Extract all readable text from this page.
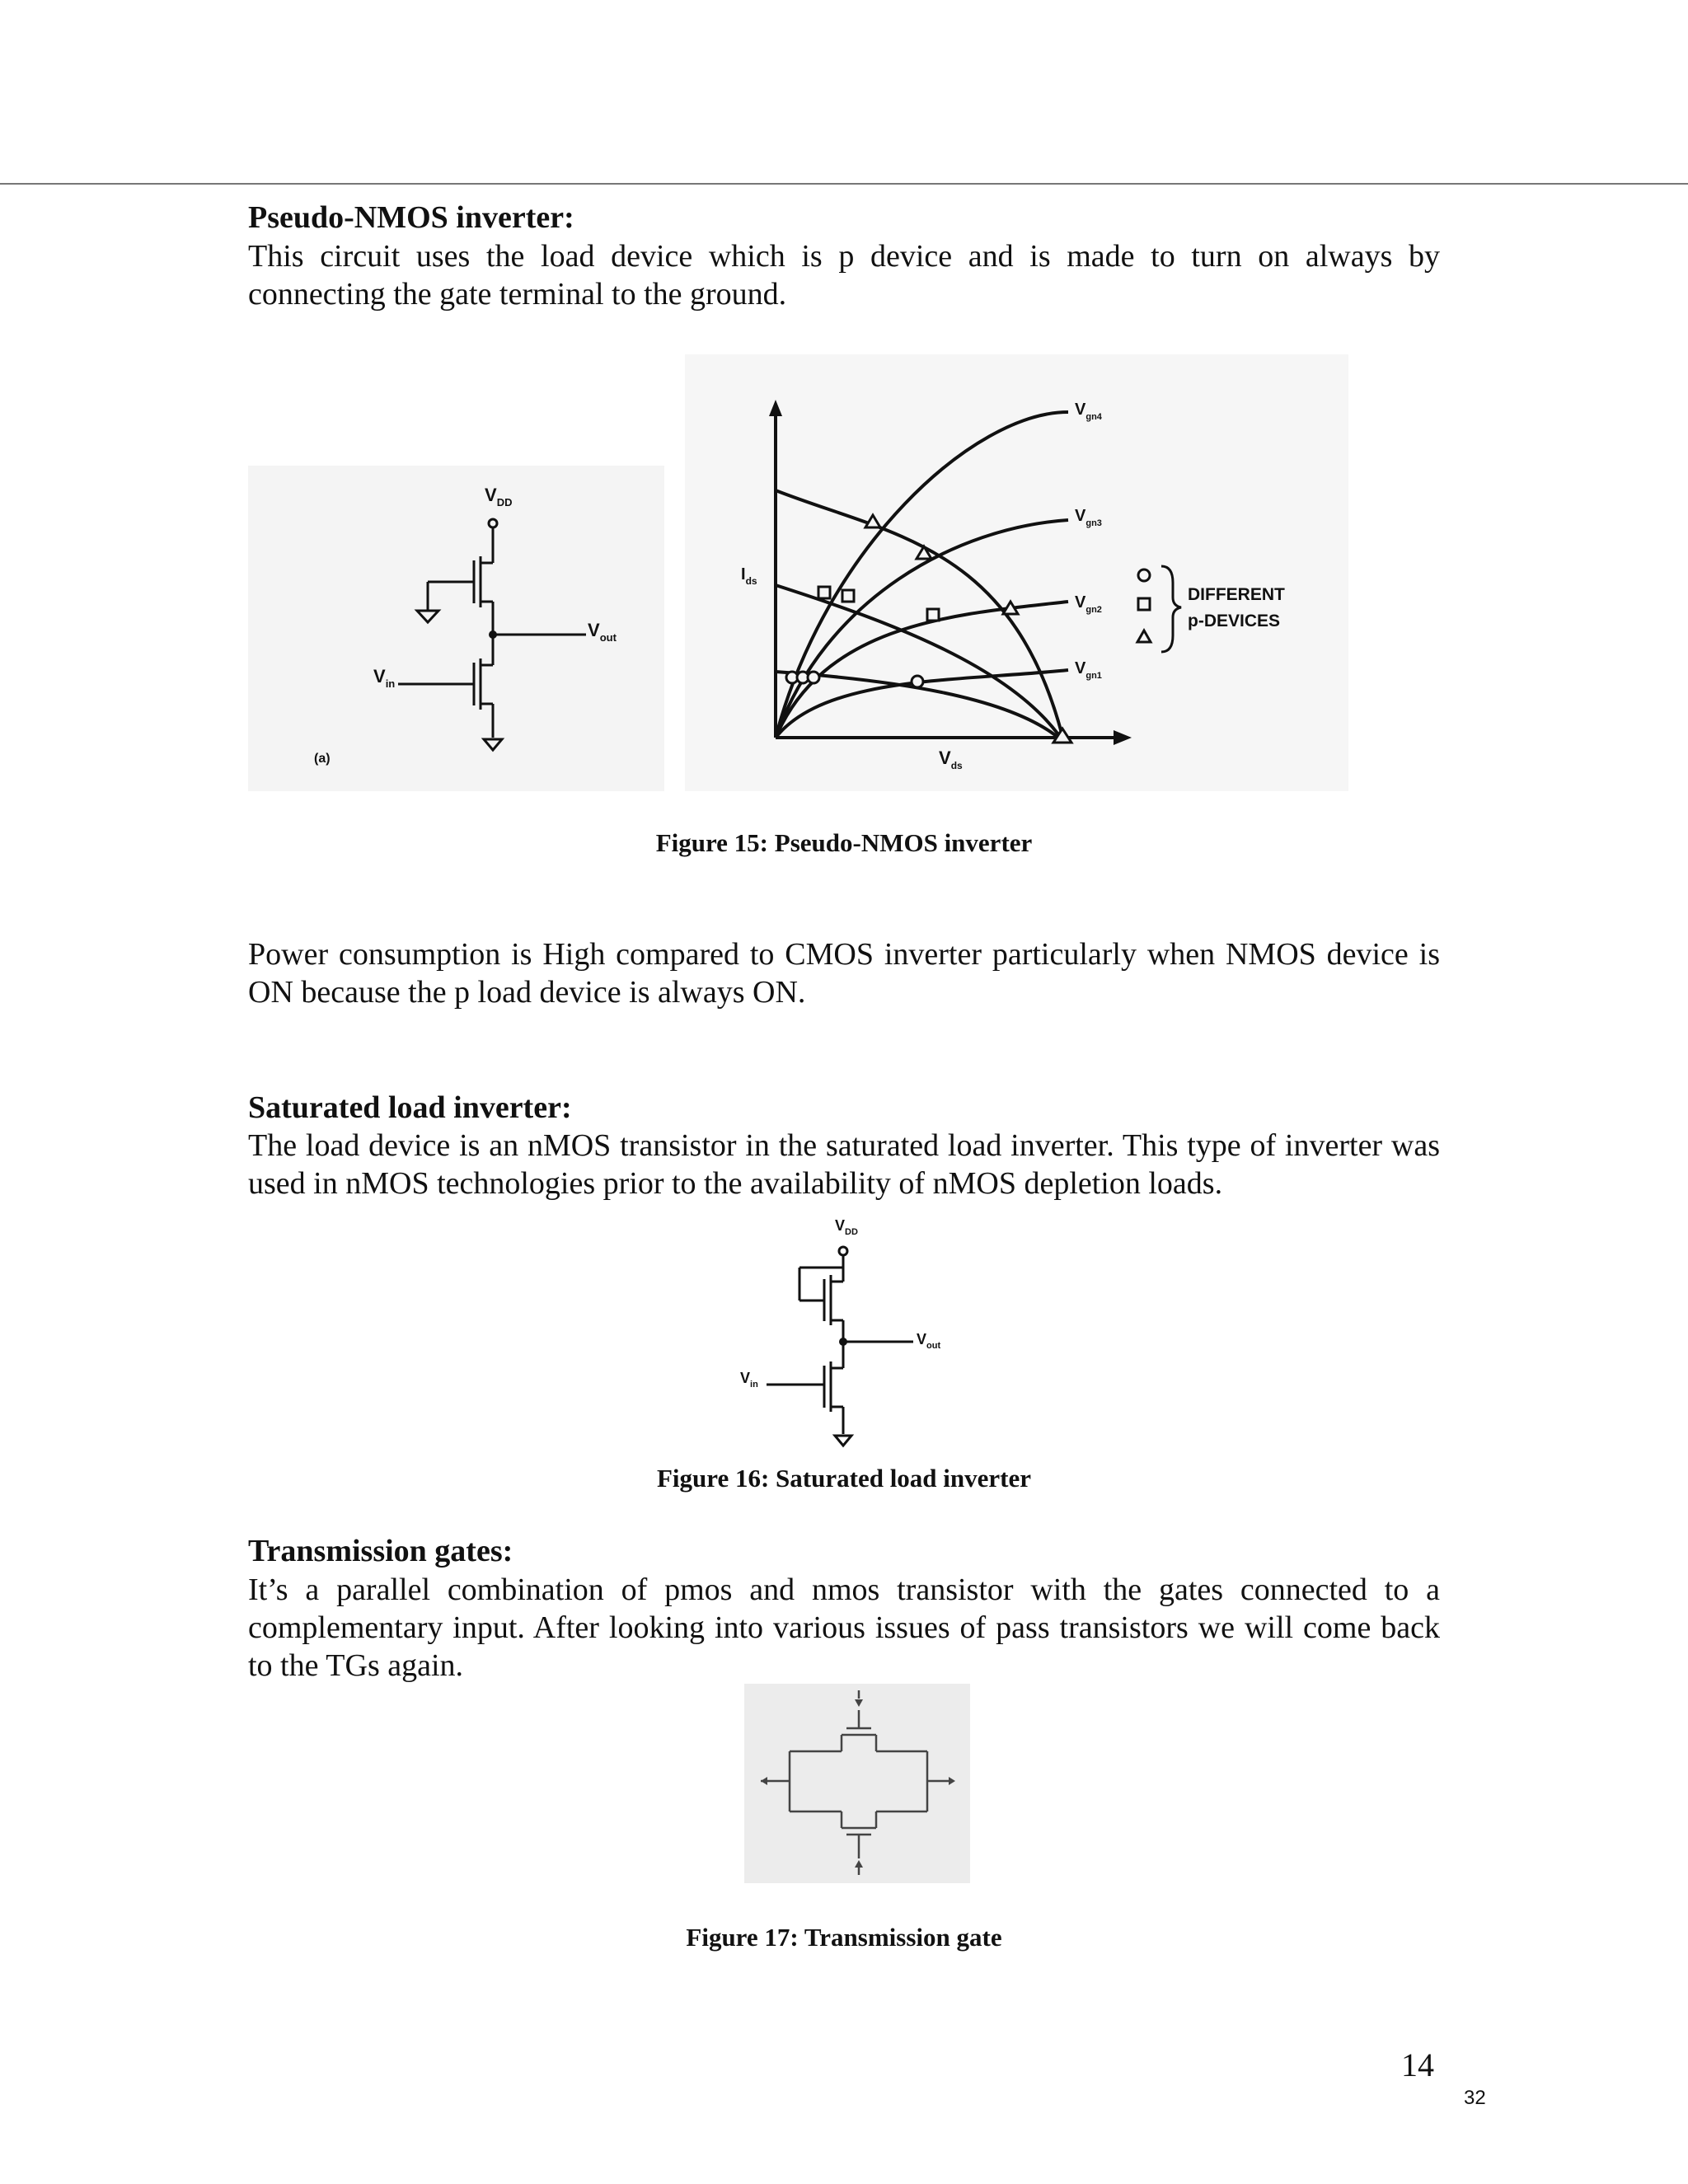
Pseudo-NMOS inverter:

This circuit uses the load device which is p device and is made to turn on always by connecting the gate terminal to the ground.

$V_{DD}$
$V_{out}$
$V_{in}$
(a)
$I_{ds}$
$V_{ds}$
$V_{gn4}$
$V_{gn3}$
$V_{gn2}$
$V_{gn1}$
DIFFERENT
p-DEVICES

Figure 15: Pseudo-NMOS inverter

Power consumption is High compared to CMOS inverter particularly when NMOS device is ON because the p load device is always ON.

Saturated load inverter:

The load device is an nMOS transistor in the saturated load inverter. This type of inverter was used in nMOS technologies prior to the availability of nMOS depletion loads.

$V_{DD}$
$V_{out}$
$V_{in}$

Figure 16: Saturated load inverter

Transmission gates:

It’s a parallel combination of pmos and nmos transistor with the gates connected to a complementary input. After looking into various issues of pass transistors we will come back to the TGs again.

Figure 17: Transmission gate

14
32
